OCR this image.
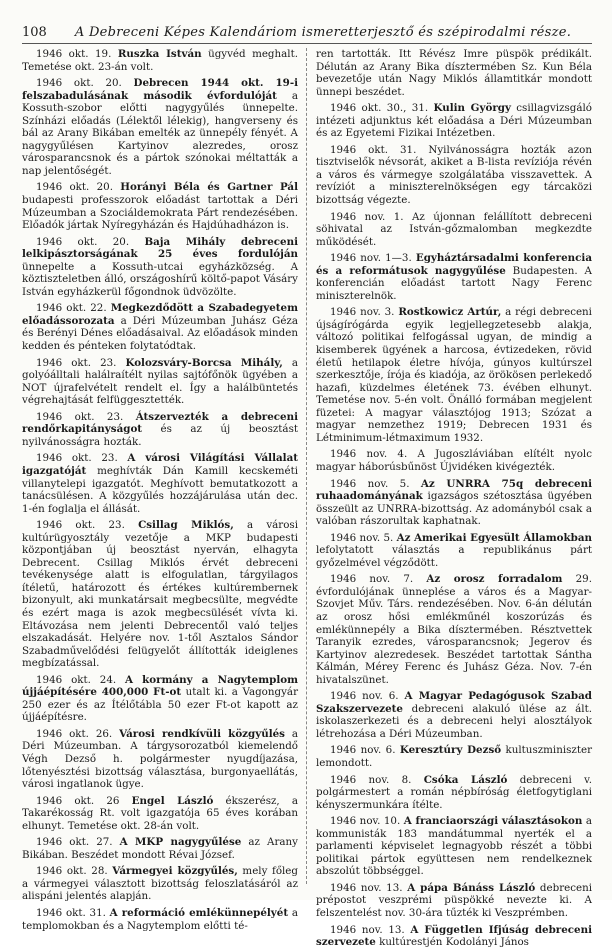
108 A Debreceni Képes Kalendáriom ismeretterjesztő és szépirodalmi része.

1946 okt. 19. Ruszka István ügyvéd meghalt. Temetése okt. 23-án volt.

1946 okt. 20. Debrecen 1944 okt. 19-i felszabadulásának második évfordulóját a Kossuth-szobor előtti nagygyűlés ünnepelte. Színházi előadás (Lélektől lélekig), hangverseny és bál az Arany Bikában emelték az ünnepély fényét. A nagygyűlésen Kartyinov alezredes, orosz városparancsnok és a pártok szónokai méltatták a nap jelentőségét.

1946 okt. 20. Horányi Béla és Gartner Pál budapesti professzorok előadást tartottak a Déri Múzeumban a Szociáldemokrata Párt rendezésében. Előadók jártak Nyíregyházán és Hajdúhadházon is.

1946 okt. 20. Baja Mihály debreceni lelkipásztorságának 25 éves fordulóján ünnepelte a Kossuth-utcai egyházközség. A köztiszteletben álló, országoshírű költő-papot Vásáry István egyházkerül főgondnok üdvözölte.

1946 okt. 22. Megkezdődött a Szabadegyetem előadássorozata a Déri Múzeumban Juhász Géza és Berényi Dénes előadásaival. Az előadások minden kedden és pénteken folytatódtak.

1946 okt. 23. Kolozsváry-Borcsa Mihály, a golyóálltali halálraítélt nyilas sajtófőnök ügyében a NOT újrafelvételt rendelt el. Így a halálbüntetés végrehajtását felfüggesztették.

1946 okt. 23. Átszervezték a debreceni rendőrkapitányságot és az új beosztást nyilvánosságra hozták.

1946 okt. 23. A városi Világítási Vállalat igazgatóját meghívták Dán Kamill kecskeméti villanytelepi igazgatót. Meghívott bemutatkozott a tanácsülésen. A közgyűlés hozzájárulása után dec. 1-én foglalja el állását.

1946 okt. 23. Csillag Miklós, a városi kultúrügyosztály vezetője a MKP budapesti központjában új beosztást nyerván, elhagyta Debrecent. Csillag Miklós érvét debreceni tevékenysége alatt is elfogulatlan, tárgyilagos ítéletű, határozott és értékes kultúrembernek bizonyult, aki munkatársait megbecsülte, megvédte és ezért maga is azok megbecsülését vívta ki. Eltávozása nem jelenti Debrecentől való teljes elszakadását. Helyére nov. 1-től Asztalos Sándor Szabadművelődési felügyelőt állították ideiglenes megbízatással.

1946 okt. 24. A kormány a Nagytemplom újjáépítésére 400,000 Ft-ot utalt ki. a Vagongyár 250 ezer és az Ítélőtábla 50 ezer Ft-ot kapott az újjáépítésre.

1946 okt. 26. Városi rendkívüli közgyűlés a Déri Múzeumban. A tárgysorozatból kiemelendő Végh Dezső h. polgármester nyugdíjazása, lőtenyésztési bizottság választása, burgonyaellátás, városi ingatlanok ügye.

1946 okt. 26 Engel László ékszerész, a Takarékosság Rt. volt igazgatója 65 éves korában elhunyt. Temetése okt. 28-án volt.

1946 okt. 27. A MKP nagygyűlése az Arany Bikában. Beszédet mondott Révai József.

1946 okt. 28. Vármegyei közgyűlés, mely főleg a vármegyei választott bizottság feloszlatásáról az alispáni jelentés alapján.

1946 okt. 31. A reformáció emlékünnepélyét a templomokban és a Nagytemplom előtti té-

ren tartották. Itt Révész Imre püspök prédikált. Délután az Arany Bika dísztermében Sz. Kun Béla bevezetője után Nagy Miklós államtitkár mondott ünnepi beszédet.

1946 okt. 30., 31. Kulin György csillagvizsgáló intézeti adjunktus két előadása a Déri Múzeumban és az Egyetemi Fizikai Intézetben.

1946 okt. 31. Nyilvánosságra hozták azon tisztviselők névsorát, akiket a B-lista revíziója révén a város és vármegye szolgálatába visszavettek. A revíziót a miniszterelnökségen egy tárcaközi bizottság végezte.

1946 nov. 1. Az újonnan felállított debreceni söhivatal az István-gőzmalomban megkezdte működését.

1946 nov. 1—3. Egyháztársadalmi konferencia és a reformátusok nagygyűlése Budapesten. A konferencián előadást tartott Nagy Ferenc miniszterelnök.

1946 nov. 3. Rostkowicz Artúr, a régi debreceni újságírógárda egyik legjellegzetesebb alakja, változó politikai felfogással ugyan, de mindig a kisemberek ügyének a harcosa, évtizedeken, rövid életű hetilapok életre hívója, gúnyos kultúrszel szerkesztője, írója és kiadója, az örökösen perlekedő hazafi, küzdelmes életének 73. évében elhunyt. Temetése nov. 5-én volt. Önálló formában megjelent füzetei: A magyar választójog 1913; Szózat a magyar nemzethez 1919; Debrecen 1931 és Létminimum-létmaximum 1932.

1946 nov. 4. A Jugoszláviában elítélt nyolc magyar háborúsbűnöst Újvidéken kivégezték.

1946 nov. 5. Az UNRRA 75q debreceni ruhaadományának igazságos szétosztása ügyében összeült az UNRRA-bizottság. Az adományból csak a valóban rászorultak kaphatnak.

1946 nov. 5. Az Amerikai Egyesült Államokban lefolytatott választás a republikánus párt győzelmével végződött.

1946 nov. 7. Az orosz forradalom 29. évfordulójának ünneplése a város és a Magyar-Szovjet Műv. Társ. rendezésében. Nov. 6-án délután az orosz hősi emlékműnél koszorúzás és emlékünnepély a Bika dísztermében. Résztvettek Taranyik ezredes, városparancsnok; Jegerov és Kartyinov alezredesek. Beszédet tartottak Sántha Kálmán, Mérey Ferenc és Juhász Géza. Nov. 7-én hivatalszünet.

1946 nov. 6. A Magyar Pedagógusok Szabad Szakszervezete debreceni alakuló ülése az ált. iskolaszerkezeti és a debreceni helyi alosztályok létrehozása a Déri Múzeumban.

1946 nov. 6. Keresztúry Dezső kultuszminiszter lemondott.

1946 nov. 8. Csóka László debreceni v. polgármestert a román népbíróság életfogytiglani kényszermunkára ítélte.

1946 nov. 10. A franciaországi választásokon a kommunisták 183 mandátummal nyerték el a parlamenti képviselet legnagyobb részét a többi politikai pártok együttesen nem rendelkeznek abszolút többséggel.

1946 nov. 13. A pápa Bánáss László debreceni prépostot veszprémi püspökké nevezte ki. A felszentelést nov. 30-ára tűzték ki Veszprémben.

1946 nov. 13. A Független Ifjúság debreceni szervezete kultúrestjén Kodolányi János
